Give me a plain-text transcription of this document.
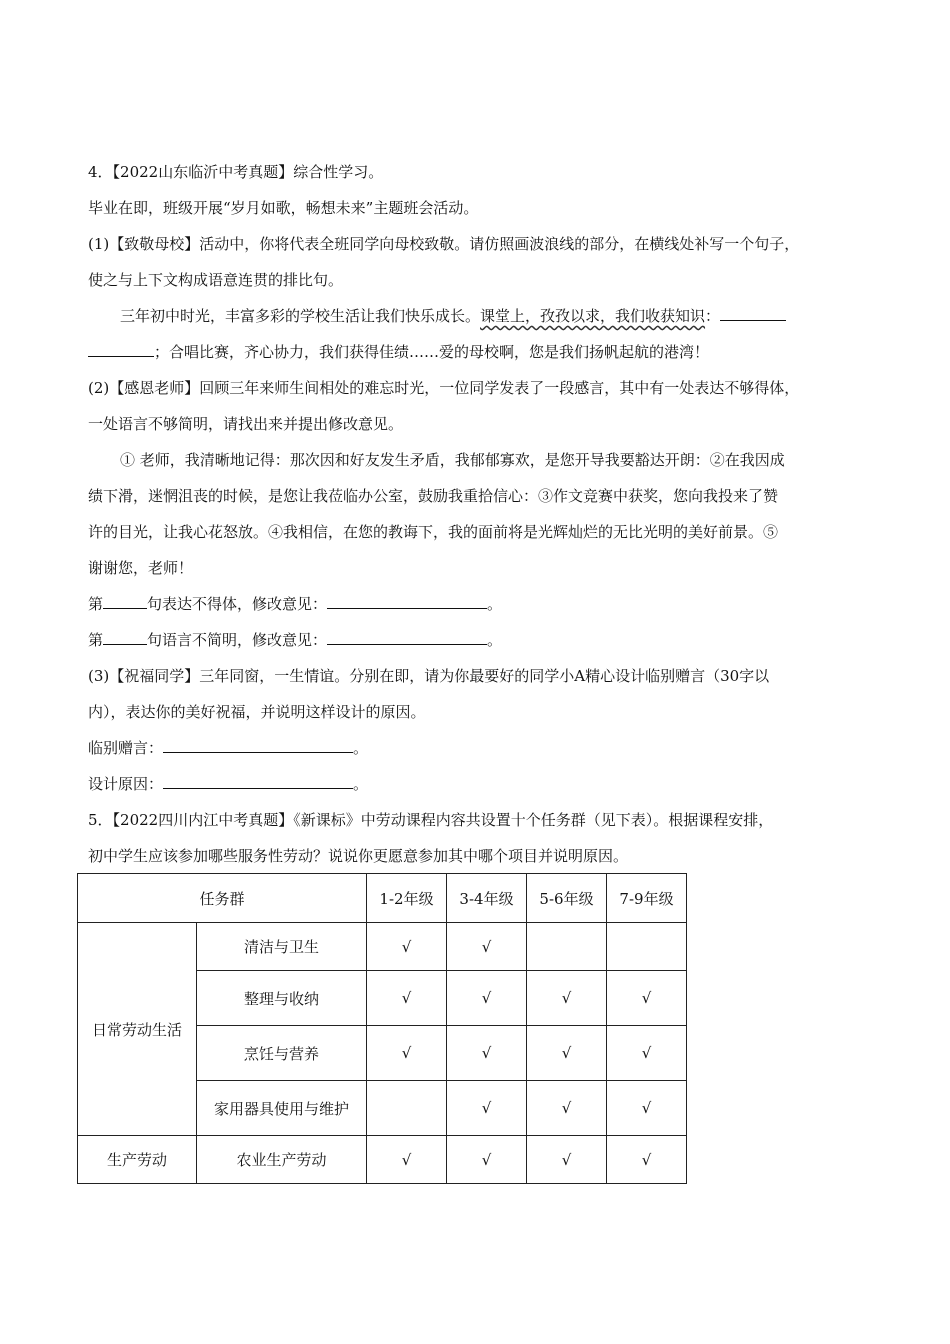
4．【2022山东临沂中考真题】综合性学习。
毕业在即，班级开展“岁月如歌，畅想未来”主题班会活动。
(1)【致敬母校】活动中，你将代表全班同学向母校致敬。请仿照画波浪线的部分，在横线处补写一个句子，
使之与上下文构成语意连贯的排比句。
三年初中时光，丰富多彩的学校生活让我们快乐成长。课堂上，孜孜以求，我们收获知识：
；合唱比赛，齐心协力，我们获得佳绩……爱的母校啊，您是我们扬帆起航的港湾！
(2)【感恩老师】回顾三年来师生间相处的难忘时光，一位同学发表了一段感言，其中有一处表达不够得体，
一处语言不够简明，请找出来并提出修改意见。
① 老师，我清晰地记得：那次因和好友发生矛盾，我郁郁寡欢，是您开导我要豁达开朗：②在我因成
绩下滑，迷惘沮丧的时候，是您让我莅临办公室，鼓励我重拾信心：③作文竞赛中获奖，您向我投来了赞
许的目光，让我心花怒放。④我相信，在您的教诲下，我的面前将是光辉灿烂的无比光明的美好前景。⑤
谢谢您，老师！
第	句表达不得体，修改意见：	。
第	句语言不简明，修改意见：	。
(3)【祝福同学】三年同窗，一生情谊。分别在即，请为你最要好的同学小A精心设计临别赠言（30字以
内），表达你的美好祝福，并说明这样设计的原因。
临别赠言：	。
设计原因：	。
5．【2022四川内江中考真题】《新课标》中劳动课程内容共设置十个任务群（见下表）。根据课程安排，
初中学生应该参加哪些服务性劳动？说说你更愿意参加其中哪个项目并说明原因。
任务群		1-2年级	3-4年级	5-6年级	7-9年级
日常劳动生活	清洁与卫生	√	√		
	整理与收纳	√	√	√	√
	烹饪与营养	√	√	√	√
	家用器具使用与维护		√	√	√
生产劳动	农业生产劳动	√	√	√	√
